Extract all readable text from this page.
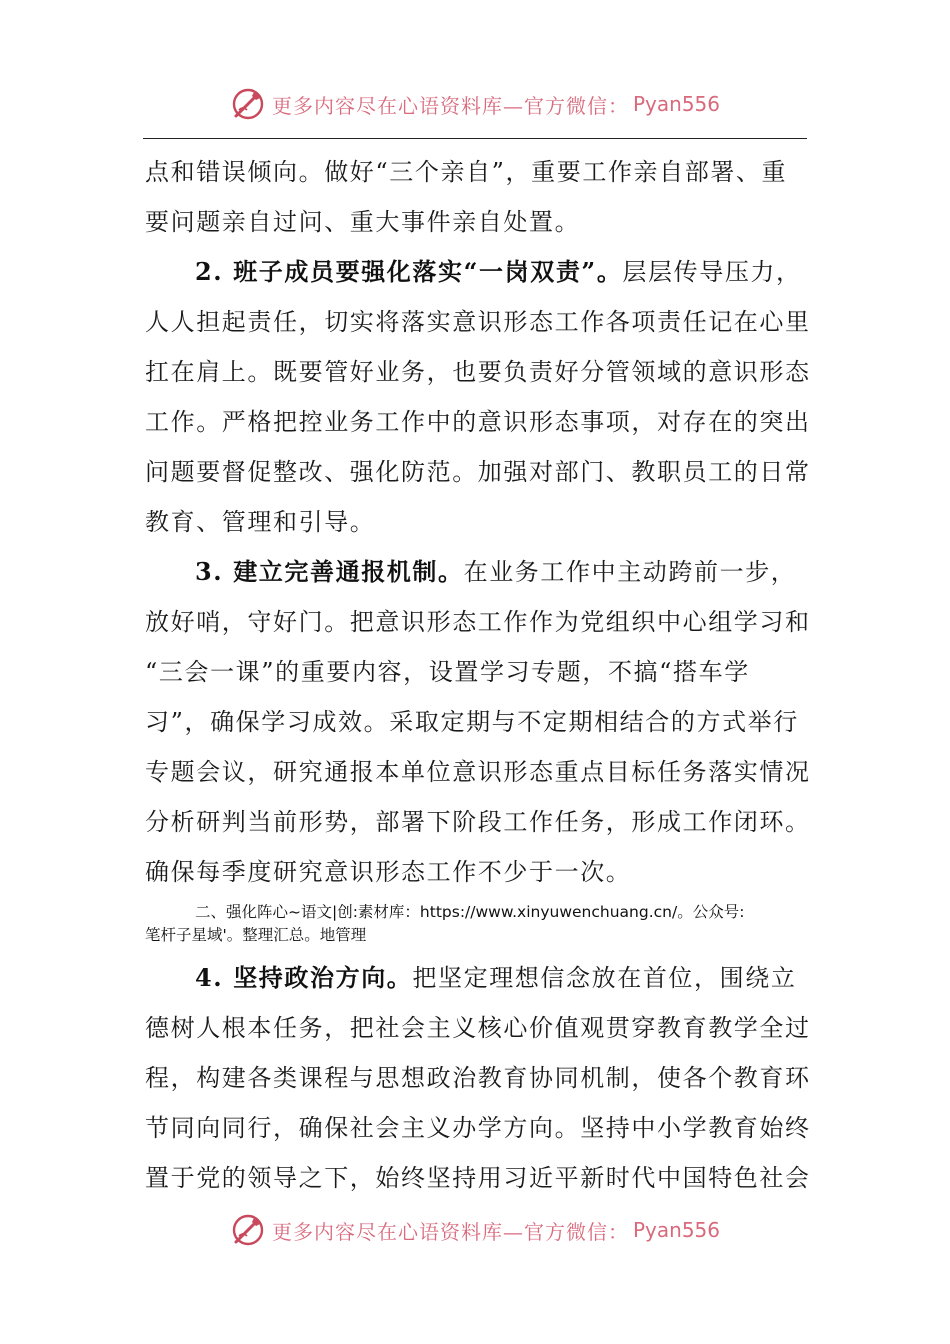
更多内容尽在心语资料库—官方微信： Pyan556
点和错误倾向。做好“三个亲自”，重要工作亲自部署、重
要问题亲自过问、重大事件亲自处置。
2. 班子成员要强化落实“一岗双责”。层层传导压力，
人人担起责任，切实将落实意识形态工作各项责任记在心里
扛在肩上。既要管好业务，也要负责好分管领域的意识形态
工作。严格把控业务工作中的意识形态事项，对存在的突出
问题要督促整改、强化防范。加强对部门、教职员工的日常
教育、管理和引导。
3. 建立完善通报机制。在业务工作中主动跨前一步，
放好哨，守好门。把意识形态工作作为党组织中心组学习和
“三会一课”的重要内容，设置学习专题，不搞“搭车学
习”，确保学习成效。采取定期与不定期相结合的方式举行
专题会议，研究通报本单位意识形态重点目标任务落实情况
分析研判当前形势，部署下阶段工作任务，形成工作闭环。
确保每季度研究意识形态工作不少于一次。
二、强化阵心~语文|创:素材库：https://www.xinyuwenchuang.cn/。公众号:
笔杆子星域'。整理汇总。地管理
4. 坚持政治方向。把坚定理想信念放在首位，围绕立
德树人根本任务，把社会主义核心价值观贯穿教育教学全过
程，构建各类课程与思想政治教育协同机制，使各个教育环
节同向同行，确保社会主义办学方向。坚持中小学教育始终
置于党的领导之下，始终坚持用习近平新时代中国特色社会
更多内容尽在心语资料库—官方微信： Pyan556
